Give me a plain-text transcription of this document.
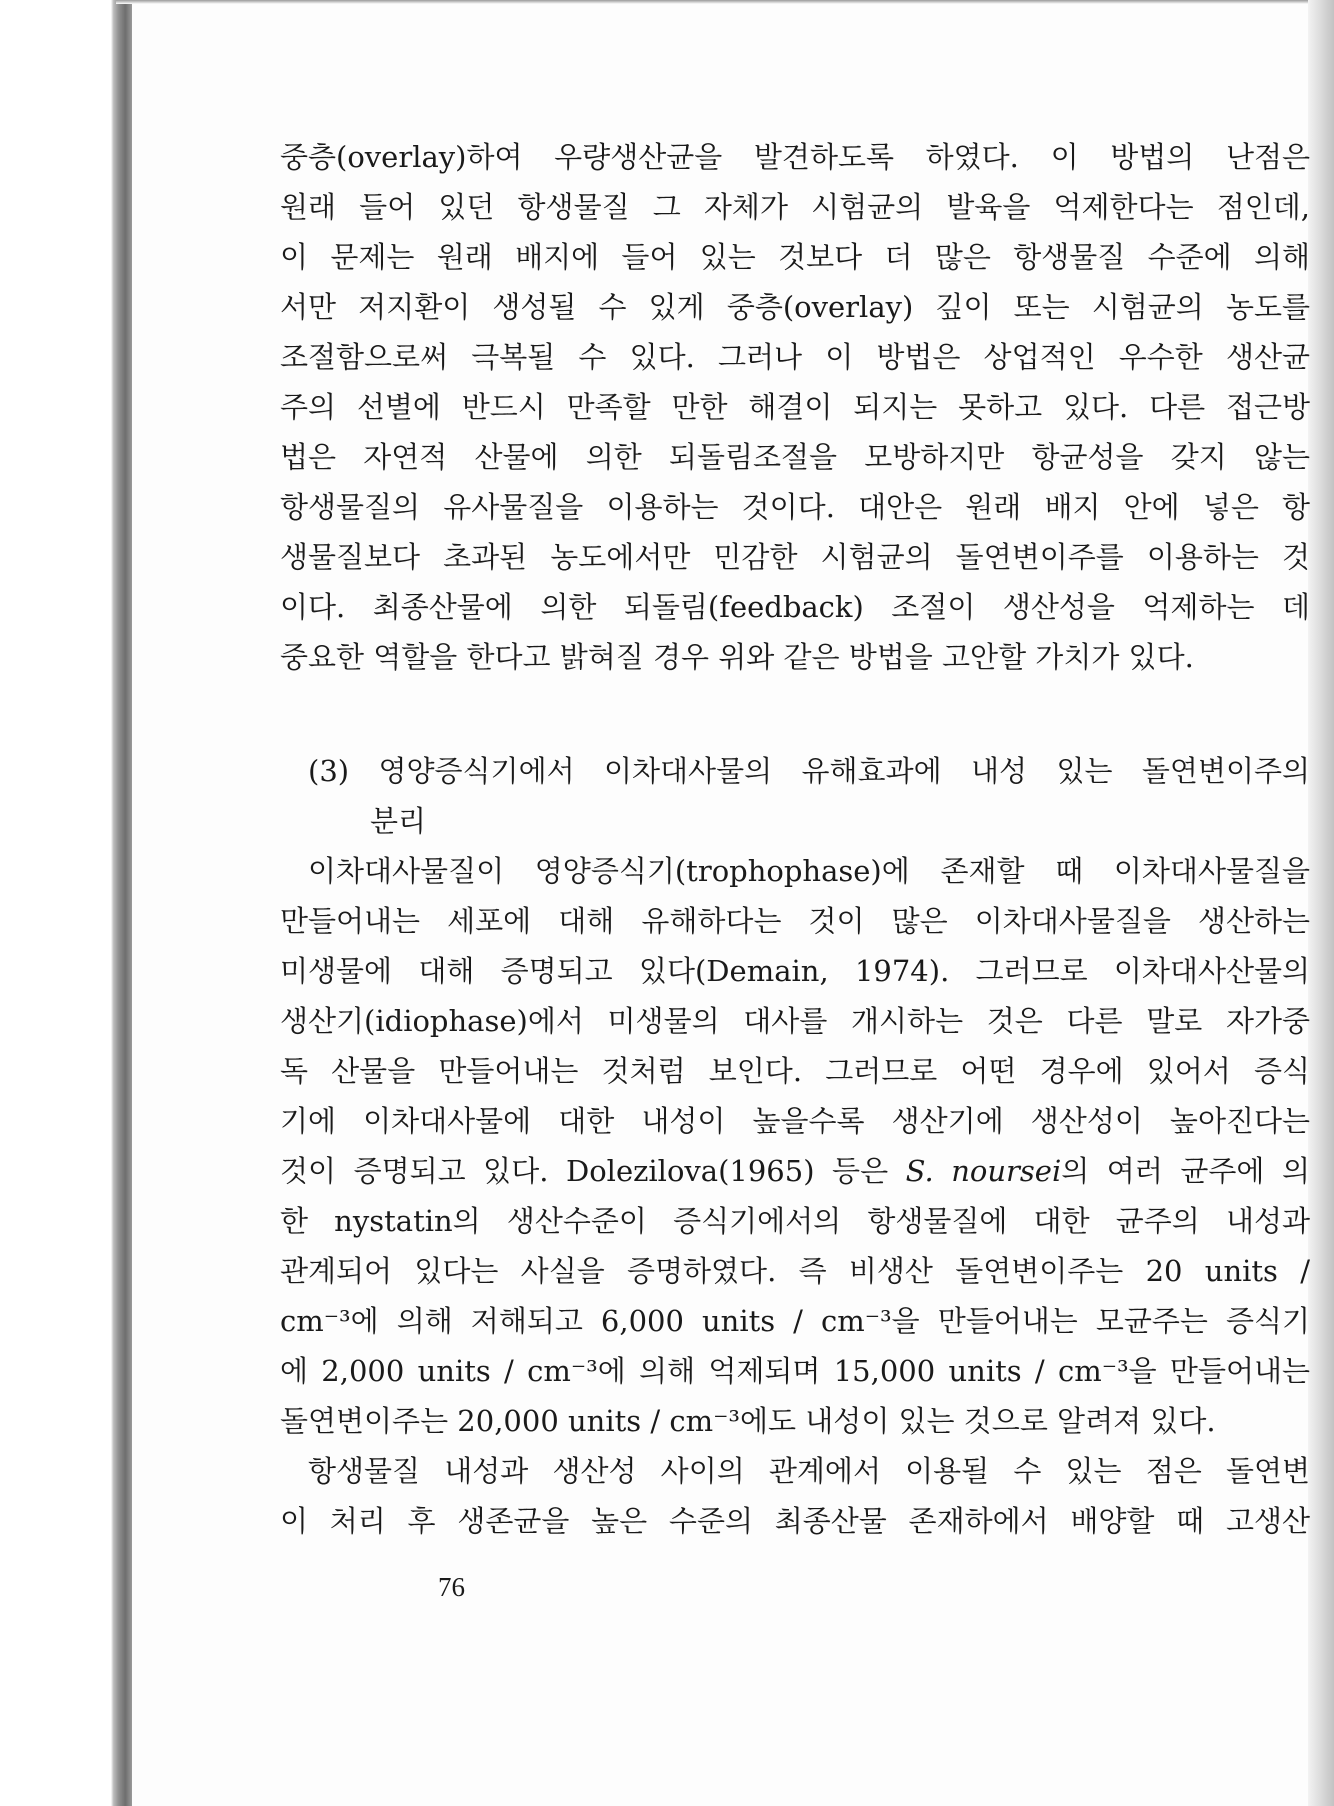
중층(overlay)하여 우량생산균을 발견하도록 하였다. 이 방법의 난점은
원래 들어 있던 항생물질 그 자체가 시험균의 발육을 억제한다는 점인데,
이 문제는 원래 배지에 들어 있는 것보다 더 많은 항생물질 수준에 의해
서만 저지환이 생성될 수 있게 중층(overlay) 깊이 또는 시험균의 농도를
조절함으로써 극복될 수 있다. 그러나 이 방법은 상업적인 우수한 생산균
주의 선별에 반드시 만족할 만한 해결이 되지는 못하고 있다. 다른 접근방
법은 자연적 산물에 의한 되돌림조절을 모방하지만 항균성을 갖지 않는
항생물질의 유사물질을 이용하는 것이다. 대안은 원래 배지 안에 넣은 항
생물질보다 초과된 농도에서만 민감한 시험균의 돌연변이주를 이용하는 것
이다. 최종산물에 의한 되돌림(feedback) 조절이 생산성을 억제하는 데
중요한 역할을 한다고 밝혀질 경우 위와 같은 방법을 고안할 가치가 있다.
(3) 영양증식기에서 이차대사물의 유해효과에 내성 있는 돌연변이주의
분리
이차대사물질이 영양증식기(trophophase)에 존재할 때 이차대사물질을
만들어내는 세포에 대해 유해하다는 것이 많은 이차대사물질을 생산하는
미생물에 대해 증명되고 있다(Demain, 1974). 그러므로 이차대사산물의
생산기(idiophase)에서 미생물의 대사를 개시하는 것은 다른 말로 자가중
독 산물을 만들어내는 것처럼 보인다. 그러므로 어떤 경우에 있어서 증식
기에 이차대사물에 대한 내성이 높을수록 생산기에 생산성이 높아진다는
것이 증명되고 있다. Dolezilova(1965) 등은 S. noursei의 여러 균주에 의
한 nystatin의 생산수준이 증식기에서의 항생물질에 대한 균주의 내성과
관계되어 있다는 사실을 증명하였다. 즉 비생산 돌연변이주는 20 units /
cm⁻³에 의해 저해되고 6,000 units / cm⁻³을 만들어내는 모균주는 증식기
에 2,000 units / cm⁻³에 의해 억제되며 15,000 units / cm⁻³을 만들어내는
돌연변이주는 20,000 units / cm⁻³에도 내성이 있는 것으로 알려져 있다.
항생물질 내성과 생산성 사이의 관계에서 이용될 수 있는 점은 돌연변
이 처리 후 생존균을 높은 수준의 최종산물 존재하에서 배양할 때 고생산
76
